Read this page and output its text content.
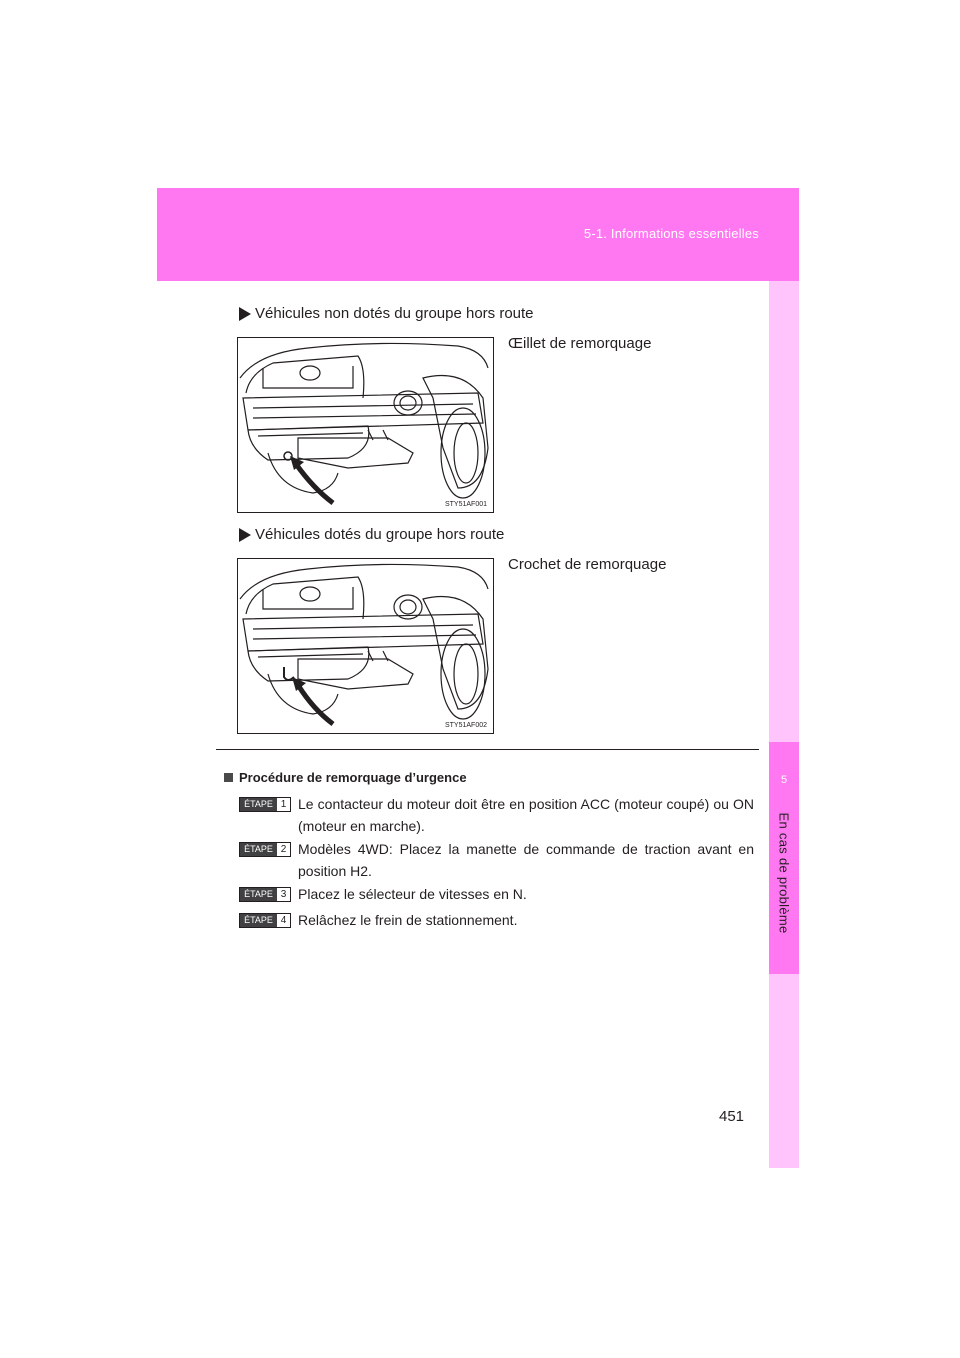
5-1. Informations essentielles
5
En cas de problème
Véhicules non dotés du groupe hors route
Œillet de remorquage
STY51AF001
Véhicules dotés du groupe hors route
Crochet de remorquage
STY51AF002
Procédure de remorquage d’urgence
ÉTAPE 1 Le contacteur du moteur doit être en position ACC (moteur coupé) ou ON (moteur en marche).
ÉTAPE 2 Modèles 4WD: Placez la manette de commande de traction avant en position H2.
ÉTAPE 3 Placez le sélecteur de vitesses en N.
ÉTAPE 4 Relâchez le frein de stationnement.
451
